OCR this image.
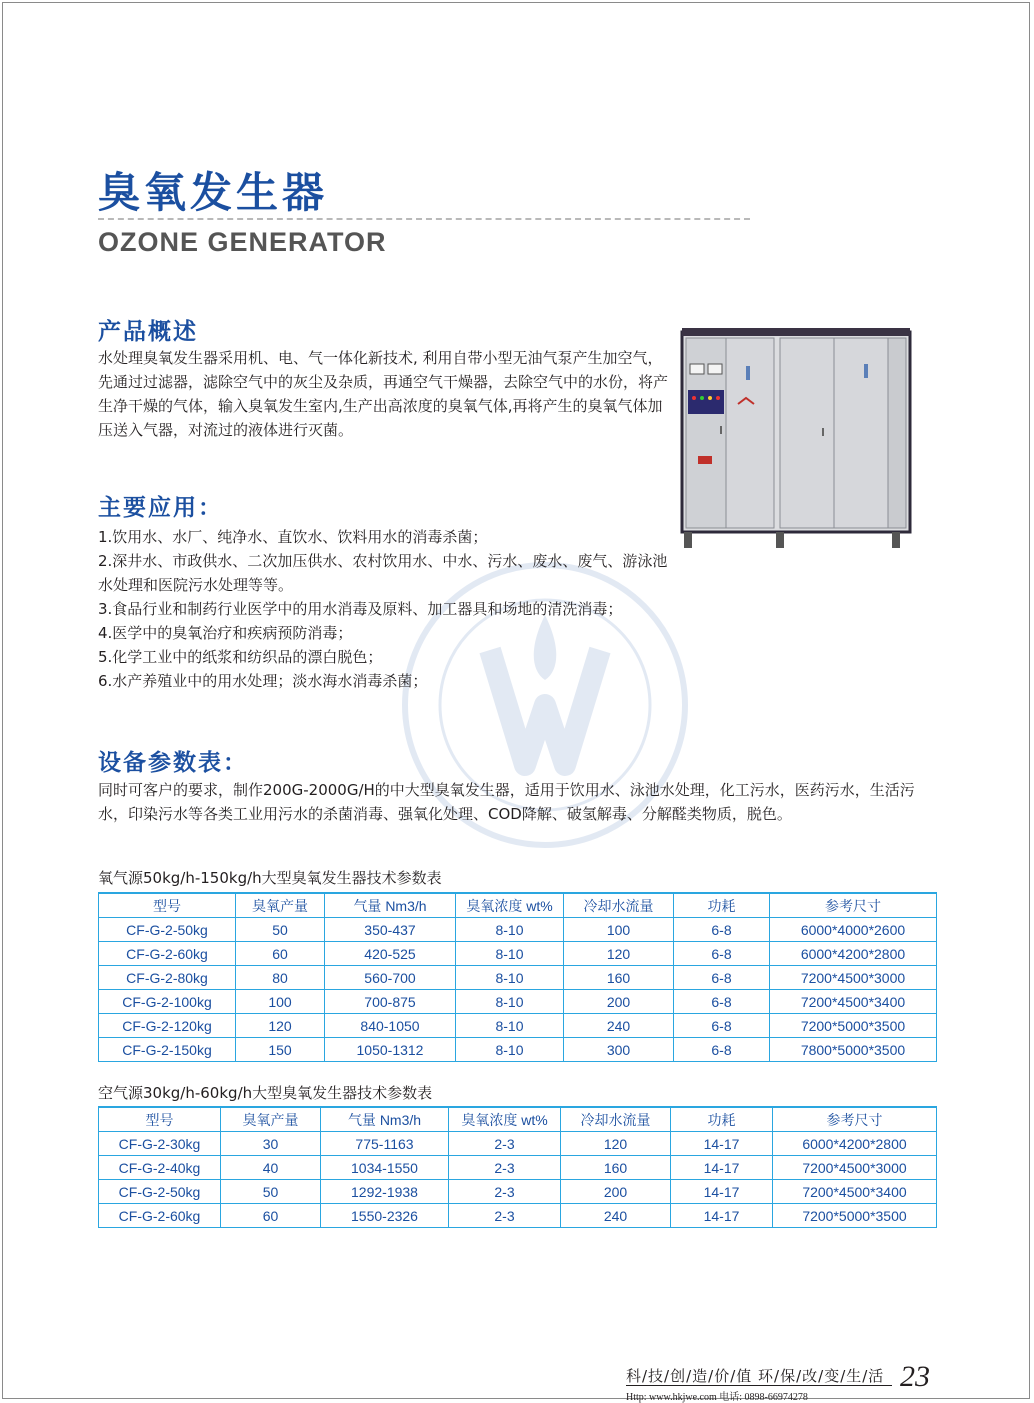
臭氧发生器
OZONE GENERATOR
产品概述
水处理臭氧发生器采用机、电、气一体化新技术, 利用自带小型无油气泵产生加空气，先通过过滤器，滤除空气中的灰尘及杂质，再通空气干燥器，去除空气中的水份，将产生净干燥的气体，输入臭氧发生室内,生产出高浓度的臭氧气体,再将产生的臭氧气体加压送入气器，对流过的液体进行灭菌。
主要应用：
1.饮用水、水厂、纯净水、直饮水、饮料用水的消毒杀菌；
2.深井水、市政供水、二次加压供水、农村饮用水、中水、污水、废水、废气、游泳池水处理和医院污水处理等等。
3.食品行业和制药行业医学中的用水消毒及原料、加工器具和场地的清洗消毒；
4.医学中的臭氧治疗和疾病预防消毒；
5.化学工业中的纸浆和纺织品的漂白脱色；
6.水产养殖业中的用水处理；淡水海水消毒杀菌；
设备参数表：
同时可客户的要求，制作200G-2000G/H的中大型臭氧发生器，适用于饮用水、泳池水处理，化工污水，医药污水，生活污水，印染污水等各类工业用污水的杀菌消毒、强氧化处理、COD降解、破氢解毒、分解醛类物质，脱色。
氧气源50kg/h-150kg/h大型臭氧发生器技术参数表
型号	臭氧产量	气量 Nm3/h	臭氧浓度 wt%	冷却水流量	功耗	参考尺寸
CF-G-2-50kg	50	350-437	8-10	100	6-8	6000*4000*2600
CF-G-2-60kg	60	420-525	8-10	120	6-8	6000*4200*2800
CF-G-2-80kg	80	560-700	8-10	160	6-8	7200*4500*3000
CF-G-2-100kg	100	700-875	8-10	200	6-8	7200*4500*3400
CF-G-2-120kg	120	840-1050	8-10	240	6-8	7200*5000*3500
CF-G-2-150kg	150	1050-1312	8-10	300	6-8	7800*5000*3500
空气源30kg/h-60kg/h大型臭氧发生器技术参数表
型号	臭氧产量	气量 Nm3/h	臭氧浓度 wt%	冷却水流量	功耗	参考尺寸
CF-G-2-30kg	30	775-1163	2-3	120	14-17	6000*4200*2800
CF-G-2-40kg	40	1034-1550	2-3	160	14-17	7200*4500*3000
CF-G-2-50kg	50	1292-1938	2-3	200	14-17	7200*4500*3400
CF-G-2-60kg	60	1550-2326	2-3	240	14-17	7200*5000*3500
科/技/创/造/价/值 环/保/改/变/生/活
Http: www.hkjwe.com 电话: 0898-66974278
23
